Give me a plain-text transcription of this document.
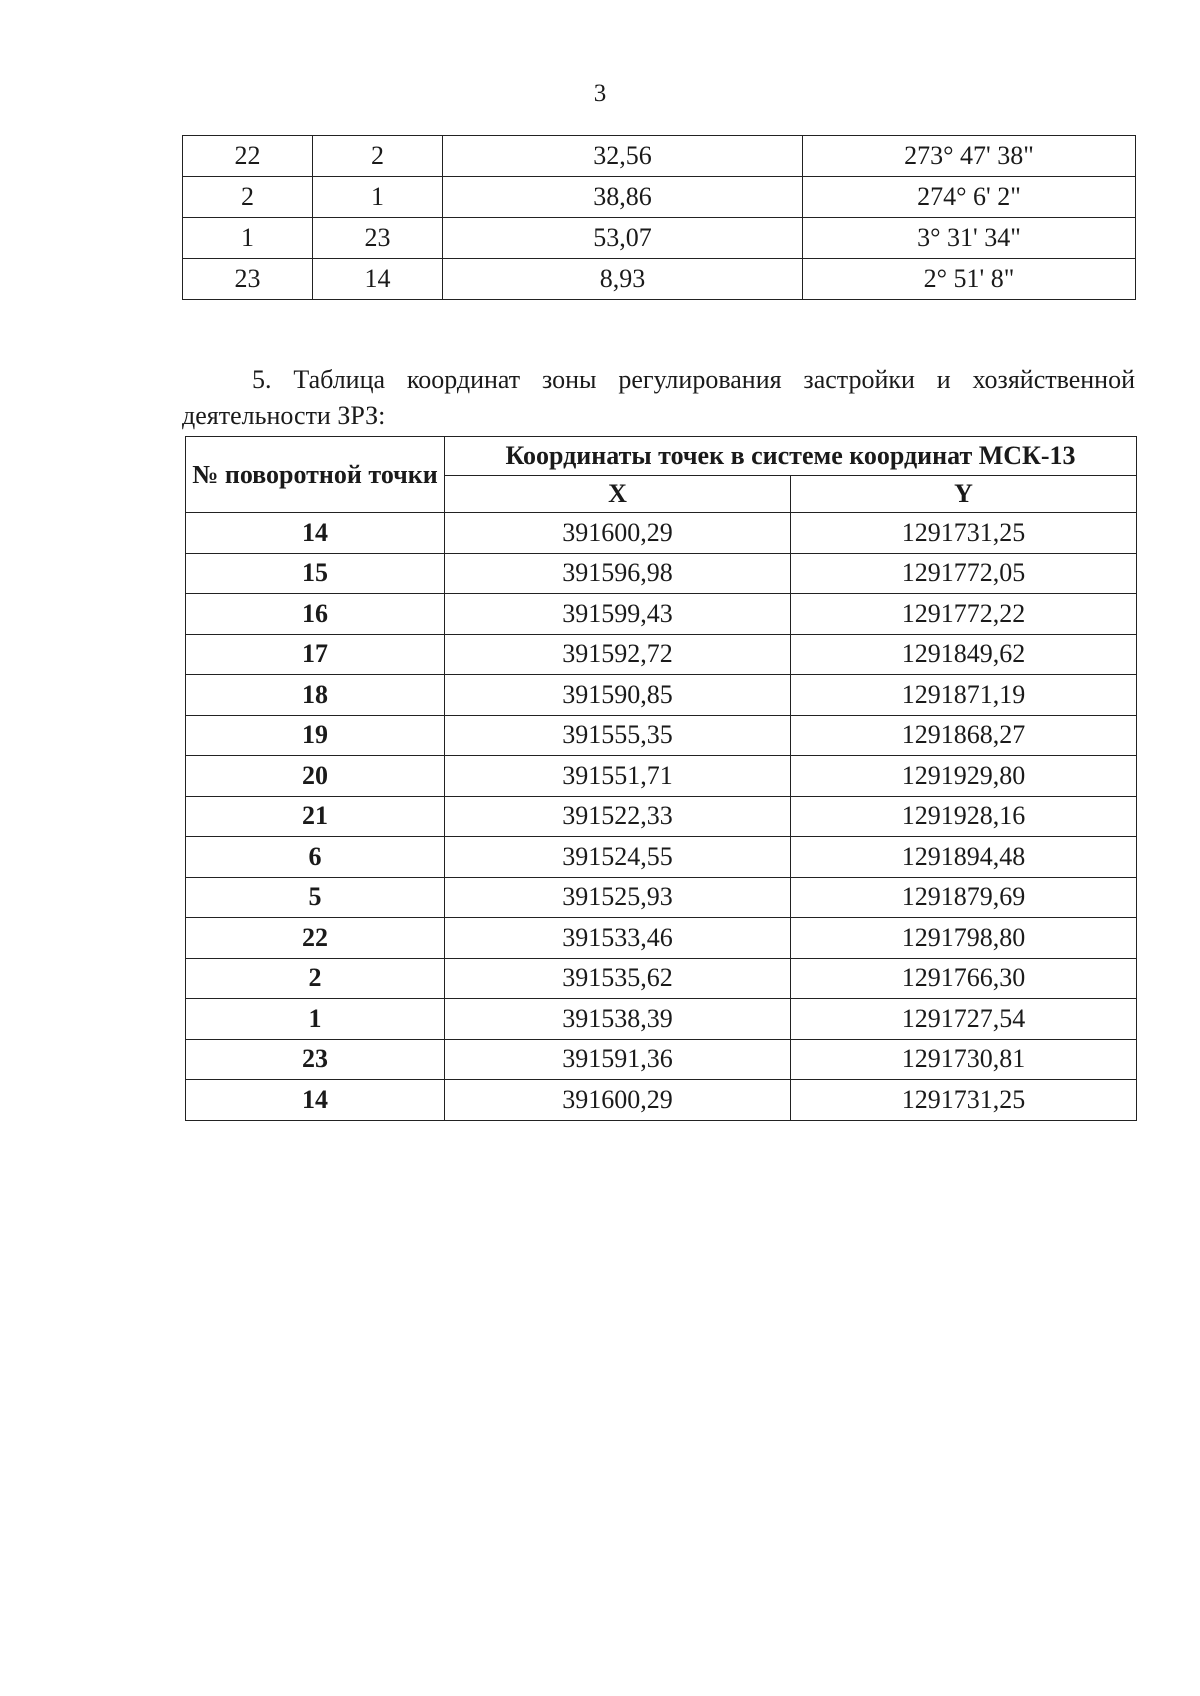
3
22	2	32,56	273° 47' 38"
2	1	38,86	274° 6' 2"
1	23	53,07	3° 31' 34"
23	14	8,93	2° 51' 8"

5. Таблица координат зоны регулирования застройки и хозяйственной деятельности ЗРЗ:

№ поворотной точки	Координаты точек в системе координат МСК-13	
	X	Y
14	391600,29	1291731,25
15	391596,98	1291772,05
16	391599,43	1291772,22
17	391592,72	1291849,62
18	391590,85	1291871,19
19	391555,35	1291868,27
20	391551,71	1291929,80
21	391522,33	1291928,16
6	391524,55	1291894,48
5	391525,93	1291879,69
22	391533,46	1291798,80
2	391535,62	1291766,30
1	391538,39	1291727,54
23	391591,36	1291730,81
14	391600,29	1291731,25
